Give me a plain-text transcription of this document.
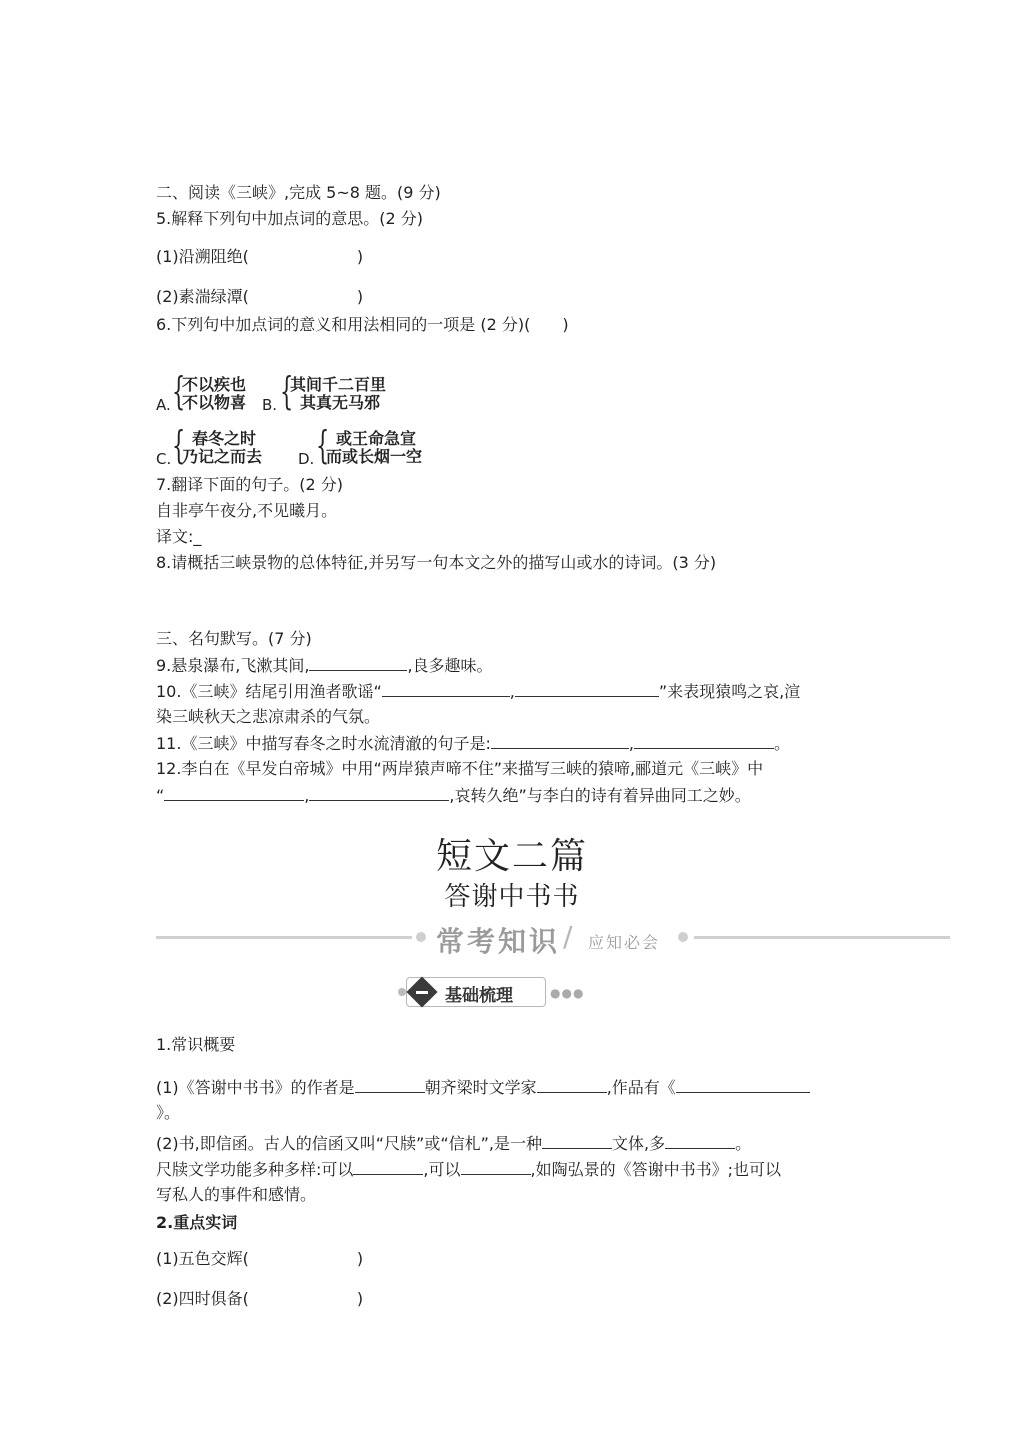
二、阅读《三峡》,完成 5~8 题。(9 分)
5.解释下列句中加点词的意思。(2 分)
(1)沿溯阻绝(	)
(2)素湍绿潭(	)
6.下列句中加点词的意义和用法相同的一项是 (2 分)(　　)
A. {
不以疾也
不以物喜 B. {
其间千二百里
其真无马邪
C. { 春冬之时
乃记之而去 D. { 或王命急宣
而或长烟一空
7.翻译下面的句子。(2 分)
自非亭午夜分,不见曦月。
译文:_
8.请概括三峡景物的总体特征,并另写一句本文之外的描写山或水的诗词。(3 分)
三、名句默写。(7 分)
9.悬泉瀑布,飞漱其间,	,良多趣味。
10.《三峡》结尾引用渔者歌谣“	,	”来表现猿鸣之哀,渲
染三峡秋天之悲凉肃杀的气氛。
11.《三峡》中描写春冬之时水流清澈的句子是:	,	。
12.李白在《早发白帝城》中用“两岸猿声啼不住”来描写三峡的猿啼,郦道元《三峡》中
“	,	,哀转久绝”与李白的诗有着异曲同工之妙。
短文二篇
答谢中书书
常考知识 / 应知必会
基础梳理	●●●
1.常识概要
(1)《答谢中书书》的作者是	朝齐梁时文学家	,作品有《
》。
(2)书,即信函。古人的信函又叫“尺牍”或“信札”,是一种	文体,多	。
尺牍文学功能多种多样:可以	,可以	,如陶弘景的《答谢中书书》;也可以
写私人的事件和感情。
2.重点实词
(1)五色交辉(	)
(2)四时俱备(	)
